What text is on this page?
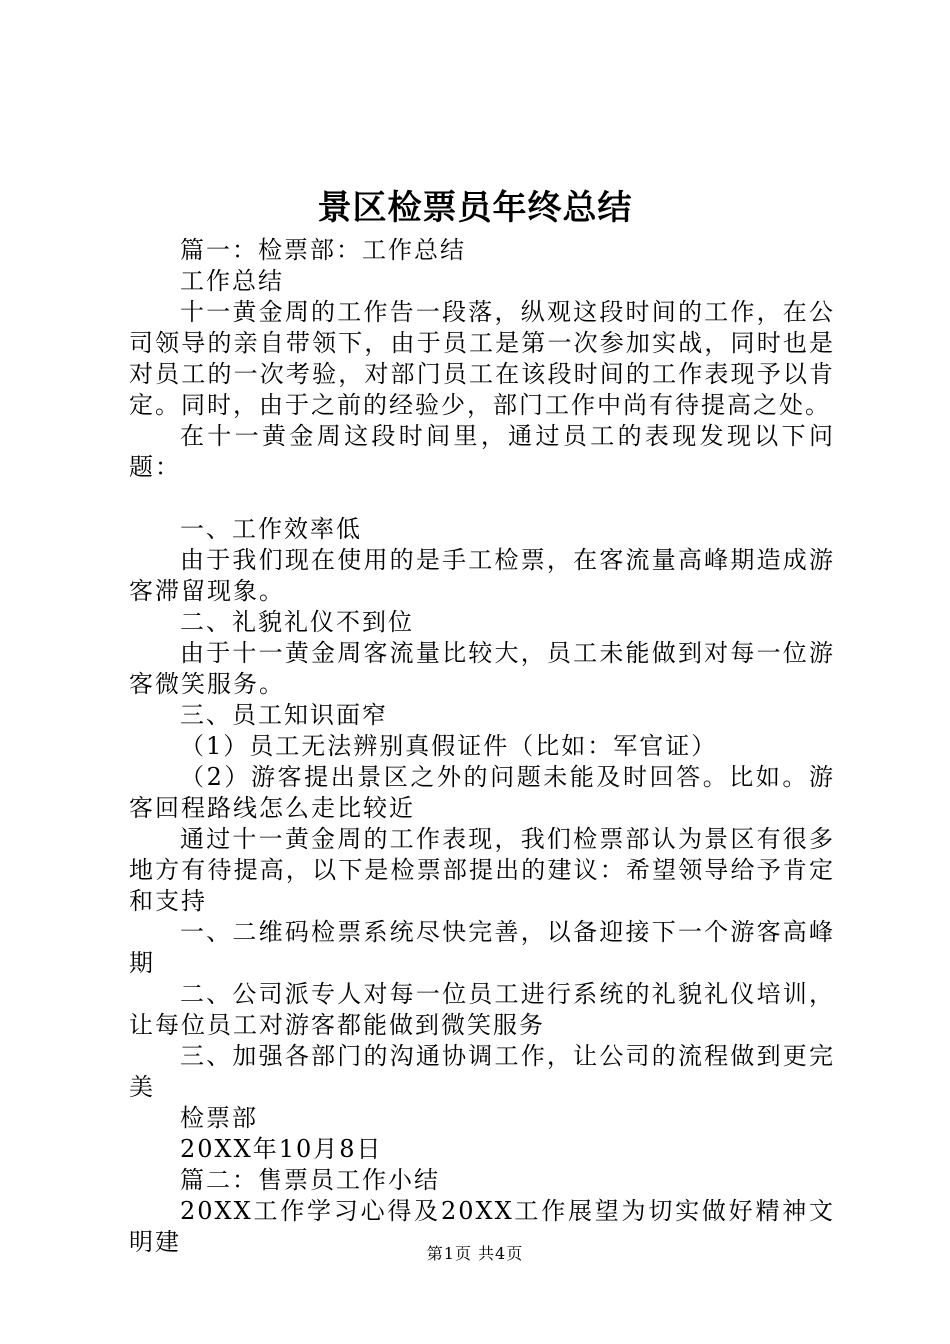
景区检票员年终总结

篇一：检票部：工作总结

工作总结

十一黄金周的工作告一段落，纵观这段时间的工作，在公司领导的亲自带领下，由于员工是第一次参加实战，同时也是对员工的一次考验，对部门员工在该段时间的工作表现予以肯定。同时，由于之前的经验少，部门工作中尚有待提高之处。

在十一黄金周这段时间里，通过员工的表现发现以下问题：

一、工作效率低

由于我们现在使用的是手工检票，在客流量高峰期造成游客滞留现象。

二、礼貌礼仪不到位

由于十一黄金周客流量比较大，员工未能做到对每一位游客微笑服务。

三、员工知识面窄

（1）员工无法辨别真假证件（比如：军官证）

（2）游客提出景区之外的问题未能及时回答。比如。游客回程路线怎么走比较近

通过十一黄金周的工作表现，我们检票部认为景区有很多地方有待提高，以下是检票部提出的建议：希望领导给予肯定和支持

一、二维码检票系统尽快完善，以备迎接下一个游客高峰期

二、公司派专人对每一位员工进行系统的礼貌礼仪培训，让每位员工对游客都能做到微笑服务

三、加强各部门的沟通协调工作，让公司的流程做到更完美

检票部

20XX年10月8日

篇二：售票员工作小结

20XX工作学习心得及20XX工作展望为切实做好精神文明建	第1页 共4页
